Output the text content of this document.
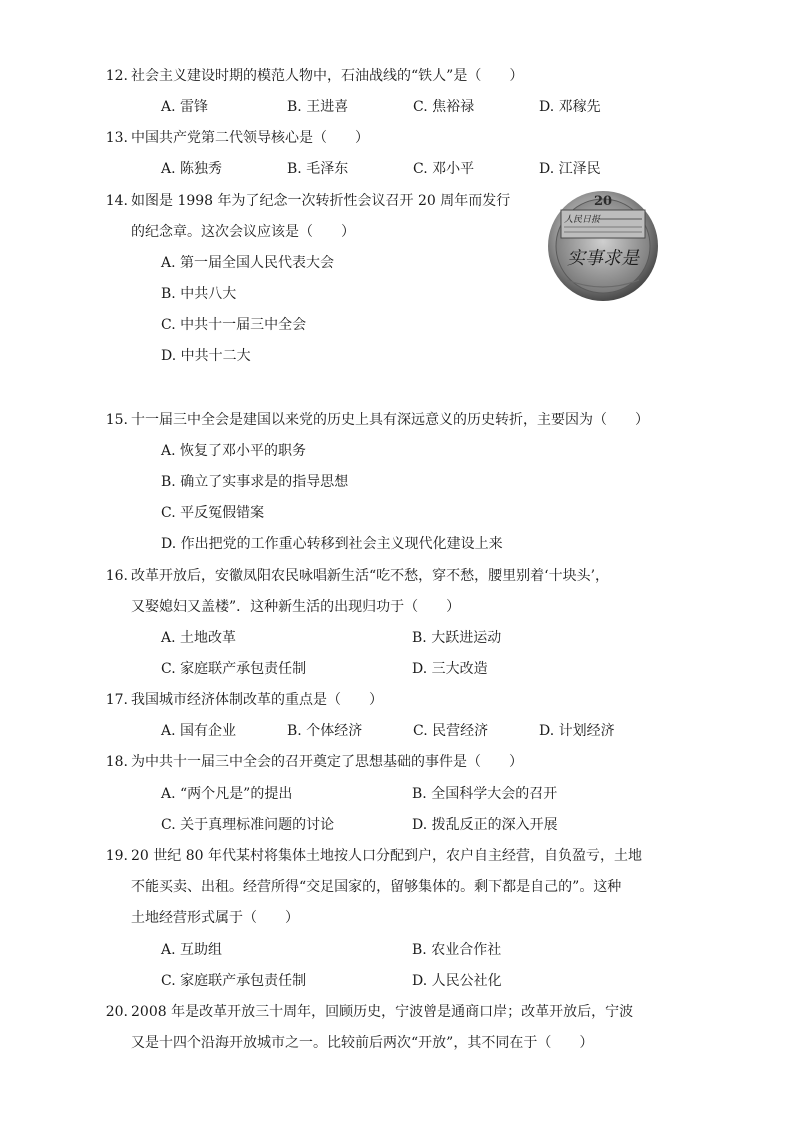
12. 社会主义建设时期的模范人物中，石油战线的“铁人”是（　　）
A. 雷锋	B. 王进喜	C. 焦裕禄	D. 邓稼先
13. 中国共产党第二代领导核心是（　　）
A. 陈独秀	B. 毛泽东	C. 邓小平	D. 江泽民
14. 如图是 1998 年为了纪念一次转折性会议召开 20 周年而发行
的纪念章。这次会议应该是（　　）
A. 第一届全国人民代表大会
B. 中共八大
C. 中共十一届三中全会
D. 中共十二大
20
人民日报
实事求是
15. 十一届三中全会是建国以来党的历史上具有深远意义的历史转折，主要因为（　　）
A. 恢复了邓小平的职务
B. 确立了实事求是的指导思想
C. 平反冤假错案
D. 作出把党的工作重心转移到社会主义现代化建设上来
16. 改革开放后，安徽凤阳农民咏唱新生活“吃不愁，穿不愁，腰里别着‘十块头’，
又娶媳妇又盖楼”．这种新生活的出现归功于（　　）
A. 土地改革	B. 大跃进运动
C. 家庭联产承包责任制	D. 三大改造
17. 我国城市经济体制改革的重点是（　　）
A. 国有企业	B. 个体经济	C. 民营经济	D. 计划经济
18. 为中共十一届三中全会的召开奠定了思想基础的事件是（　　）
A. “两个凡是”的提出	B. 全国科学大会的召开
C. 关于真理标准问题的讨论	D. 拨乱反正的深入开展
19. 20 世纪 80 年代某村将集体土地按人口分配到户，农户自主经营，自负盈亏，土地
不能买卖、出租。经营所得“交足国家的，留够集体的。剩下都是自己的”。这种
土地经营形式属于（　　）
A. 互助组	B. 农业合作社
C. 家庭联产承包责任制	D. 人民公社化
20. 2008 年是改革开放三十周年，回顾历史，宁波曾是通商口岸；改革开放后，宁波
又是十四个沿海开放城市之一。比较前后两次“开放”，其不同在于（　　）
